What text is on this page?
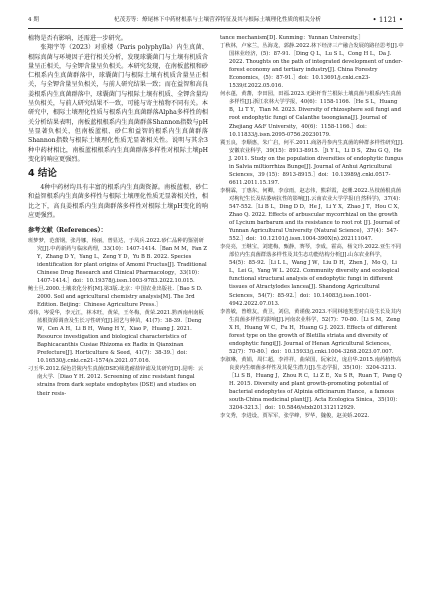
4 期	杞茂芳等：燎尾林下中药材根系与土壤营养特征及其与根际土壤理化性质的相关分析	• 1121 •

植物是否有影响，还需进一步研究。

张翔宇等（2023）对重楼（Paris polyphylla）内生真菌、根际真菌与环境因子进行相关分析，发现球囊菌门与土壤有机质含量呈正相关，与全钾含量呈负相关。本研究发现，在南板蓝根和砂仁根系内生真菌群落中，球囊菌门与根际土壤有机质含量呈正相关，与全钾含量呈负相关，与前人研究结果一致；而在益智和高良姜根系内生真菌群落中，球囊菌门与根际土壤有机质、全钾含量均呈负相关，与前人研究结果不一致，可能与寄主植物不同有关。本研究中，根际土壤理化性质与根系内生真菌群落Alpha多样性的相关分析结果表明，南板蓝根根系内生真菌群落Shannon指数与pH呈显著负相关，但南板蓝根、砂仁和益智的根系内生真菌群落Shannon指数与根际土壤理化性质无显著相关性。说明与其余3种中药材相比，南板蓝根根系内生真菌群落多样性对根际土壤pH变化的响应更强烈。

4 结论

4种中药材均具有丰富的根系内生真菌资源。南板蓝根、砂仁和益智根系内生真菌多样性与根际土壤理化性质无显著相关性，相比之下，高良姜根系内生真菌群落多样性对根际土壤pH变化的响应更强烈。

参考文献（References）：

班梦梦，范蕾钢，张丹娜，杨丽，曾显达，于凤兵.2022.砂仁品种的鉴别研究[J].中药新药与临床药理，33(10)：1407-1414.［Ban M M，Fan Z Y，Zhang D Y，Yang L，Zeng Y D，Yu B B. 2022. Species identification for plant origins of Amomi Fructus[J]. Traditional Chinese Drug Research and Clinical Pharmacology，33(10)：1407-1414.］doi：10.19378/j.issn.1003-9783.2022.10.015.

鲍士旦.2000.土壤农化分析[M].第3版.北京：中国农业出版社.［Bao S D. 2000. Soil and agricultural chemistry analysis[M]. The 3rd Edition. Beijing：Chinese Agriculture Press.］

邓伟，岑爱华，李元江，林本旺，黄荣，王冬梅，黄荣.2021.黔西南州南板蓝根资源调查及生长习性研究[J].园艺与种苗，41(7)：38-39.［Deng W，Cen A H，Li B H，Wang H Y，Xiao P，Huang J. 2021. Resource investigation and biological characteristics of Baphicacanthis Cusiae Rhizoma ex Radix in Qianxinan Prefecture[J]. Horticulture & Seed，41(7)：38-39.］doi：10.16530/j.cnki.cn21-1574/s.2021.07.016.

刁玉华.2012.保色岩陵内生真菌(DSE)筛选耐盐锌滤及其研究[D].昆明：云南大学.［Diao Y H. 2012. Screening of zinc resistant fungal strains from dark septate endophytes (DSE) and studies on their resis-

tance mechanism[D]. Kunming：Yunnan University.］

丁秋林，卢家兰，丛海龙，郭静.2022.林下经济三产融合发展的路径思考[J].中国林业经济，(5)：87-91.［Ding Q L，Lu S L，Cong H L，Da J. 2022. Thoughts on the path of integrated development of under-forest economy and tertiary industry[J]. China Forestry Economics，(5)：87-91.］doi：10.13691/j.cnki.cn23-1539/f.2022.05.016.

何水蓬，黄蕃，李田园，田福.2023.无距杆背兰根际土壤真菌与根系内生真菌多样性[J].浙江农林大学学报，40(6)：1158-1166.［He S L，Huang B，Li T Y，Tian M. 2023. Diversity of rhizosphere soil fungi and root endophytic fungi of Calanthe tsoongiana[J]. Journal of Zhejiang A&F University，40(6)：1158-1166.］doi：10.11833/j.issn.2095-0756.20230179.

冀玉良，李顺惠，朱广启，何平.2011.商洛丹参内生真菌的种群多样性研究[J].安徽农业科学，39(15)：8913-8915.［Ji Y L，Li D S，Zhu G Q，He J. 2011. Study on the population diversities of endophytic fungus in Salvia miltiorrhiza Bunge[J]. Journal of Anhui Agricultural Sciences，39 (15)：8913-8915.］doi：10.13989/j.cnki.0517-6611.2011.15.197.

李桐霖，丁惠东，何卿，李彦雨，赵志伟，熊彩霞，赵珊.2022.丛枝菌根真菌对枸杞生长及枯萎病抗性的影响[J].云南农业大学学报(自然科学)，37(4)：547-552.［Li B L，Ding D D，He J，Li Y X，Zhao J T，Hou C X，Zhao Q. 2022. Effects of arbuscular mycorrhizal on the growth of Lycium barbarum and its resistance to root rot [J]. Journal of Yunnan Agricultural University (Natural Science)，37(4)：547-552.］doi：10.12101/j.issn.1004-390X(n).202111047.

李亮亮，王继宝，刘建梅，甄静，赛琴，李成，霍高，杨文玲.2022.亚生不同部位内生真菌群落多样性及其生态功能结构分析[J].山东农业科学，54(5)：85-92.［Li L L，Wang J W，Liu D H，Zhen J，Mo Q，Li L，Lei G，Yang W L. 2022. Community diversity and ecological functional structural analysis of endophytic fungi in different tissues of Atractylodes lancea[J]. Shandong Agricultural Sciences，54(7)：85-92.］doi：10.14083/j.issn.1001-4942.2022.07.013.

李善敏，曾维友，黄卫，刘信，黄谨俊.2023.不同林地类型对白及生长及其内生真菌多样性的影响[J].河南农业科学，52(7)：70-80.［Li S M，Zeng X H，Huang W C，Fu H，Huang G J. 2023. Effects of different forest type on the growth of Bletilla striata and diversity of endophytic fungi[J]. Journal of Henan Agricultural Sciences，52(7)：70-80.］doi：10.15933/j.cnki.1004-3268.2023.07.007.

李淑琳，黄娟，周仁超，李祥祥，曲荣国，阮家汉，庞启华.2015.南药植物高良姜内生细菌多样性及其促生潜力[J].生态学报，35(10)：3204-3213.［Li S B，Huang J，Zhou R C，Li Z E，Xu S R，Ruan T，Pang Q H. 2015. Diversity and plant growth-promoting potential of bacterial endophytes of Alpinia officinarum Hance，a famous south-China medicinal plant[J]. Acta Ecologica Sinica，35(10)：3204-3213.］doi：10.5846/stxb201312112929.

李文秀，李进设，贾军军，张学峰，罗华，魏俊，赵美娇.2022.
